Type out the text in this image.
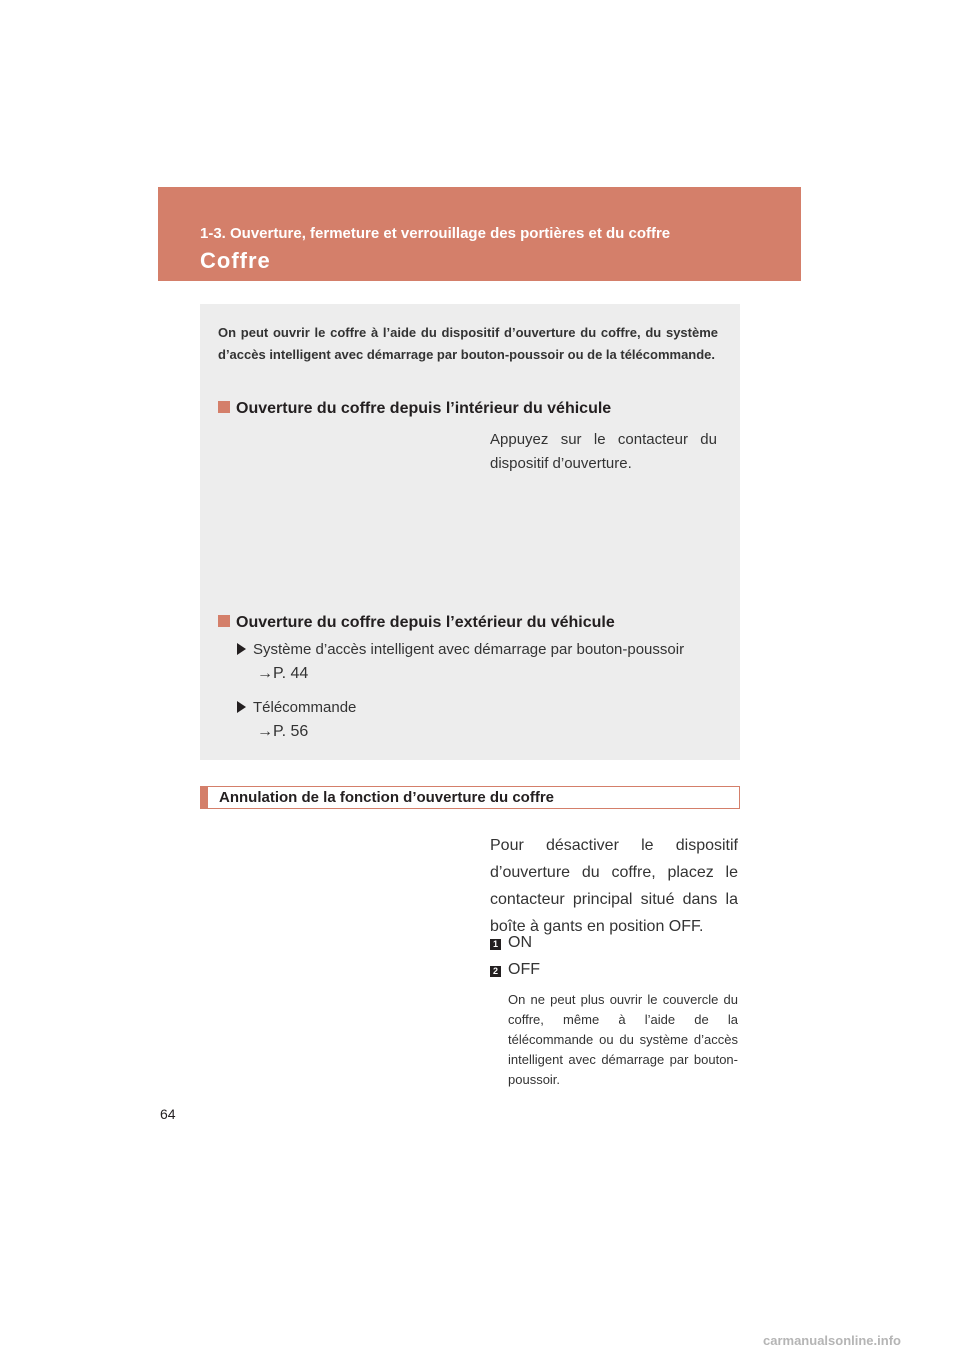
1-3. Ouverture, fermeture et verrouillage des portières et du coffre
Coffre
On peut ouvrir le coffre à l’aide du dispositif d’ouverture du coffre, du système d’accès intelligent avec démarrage par bouton-poussoir ou de la télécommande.
Ouverture du coffre depuis l’intérieur du véhicule
Appuyez sur le contacteur du dispositif d’ouverture.
Ouverture du coffre depuis l’extérieur du véhicule
Système d’accès intelligent avec démarrage par bouton-poussoir
→P. 44
Télécommande
→P. 56
Annulation de la fonction d’ouverture du coffre
Pour désactiver le dispositif d’ouverture du coffre, placez le contacteur principal situé dans la boîte à gants en position OFF.
1 ON
2 OFF
On ne peut plus ouvrir le couvercle du coffre, même à l’aide de la télécommande ou du système d’accès intelligent avec démarrage par bouton-poussoir.
64
carmanualsonline.info
